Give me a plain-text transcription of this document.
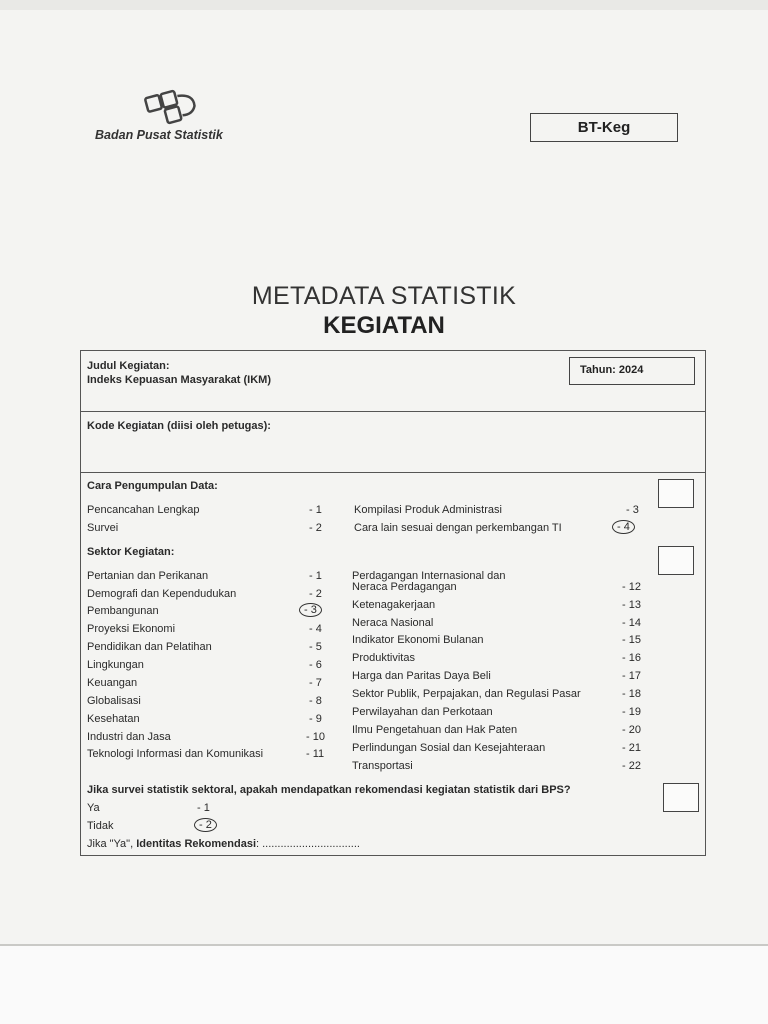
Badan Pusat Statistik	BT-Keg
METADATA STATISTIK
KEGIATAN
Judul Kegiatan:
Indeks Kepuasan Masyarakat (IKM)
Tahun: 2024
Kode Kegiatan (diisi oleh petugas):
Cara Pengumpulan Data:
Pencancahan Lengkap	- 1
Survei	- 2
Kompilasi Produk Administrasi	- 3
Cara lain sesuai dengan perkembangan TI	- 4
Sektor Kegiatan:
Pertanian dan Perikanan	- 1
Demografi dan Kependudukan	- 2
Pembangunan	- 3
Proyeksi Ekonomi	- 4
Pendidikan dan Pelatihan	- 5
Lingkungan	- 6
Keuangan	- 7
Globalisasi	- 8
Kesehatan	- 9
Industri dan Jasa	- 10
Teknologi Informasi dan Komunikasi	- 11
Perdagangan Internasional dan
Neraca Perdagangan	- 12
Ketenagakerjaan	- 13
Neraca Nasional	- 14
Indikator Ekonomi Bulanan	- 15
Produktivitas	- 16
Harga dan Paritas Daya Beli	- 17
Sektor Publik, Perpajakan, dan Regulasi Pasar	- 18
Perwilayahan dan Perkotaan	- 19
Ilmu Pengetahuan dan Hak Paten	- 20
Perlindungan Sosial dan Kesejahteraan	- 21
Transportasi	- 22
Jika survei statistik sektoral, apakah mendapatkan rekomendasi kegiatan statistik dari BPS?
Ya	- 1
Tidak	- 2
Jika "Ya", Identitas Rekomendasi: ................................
